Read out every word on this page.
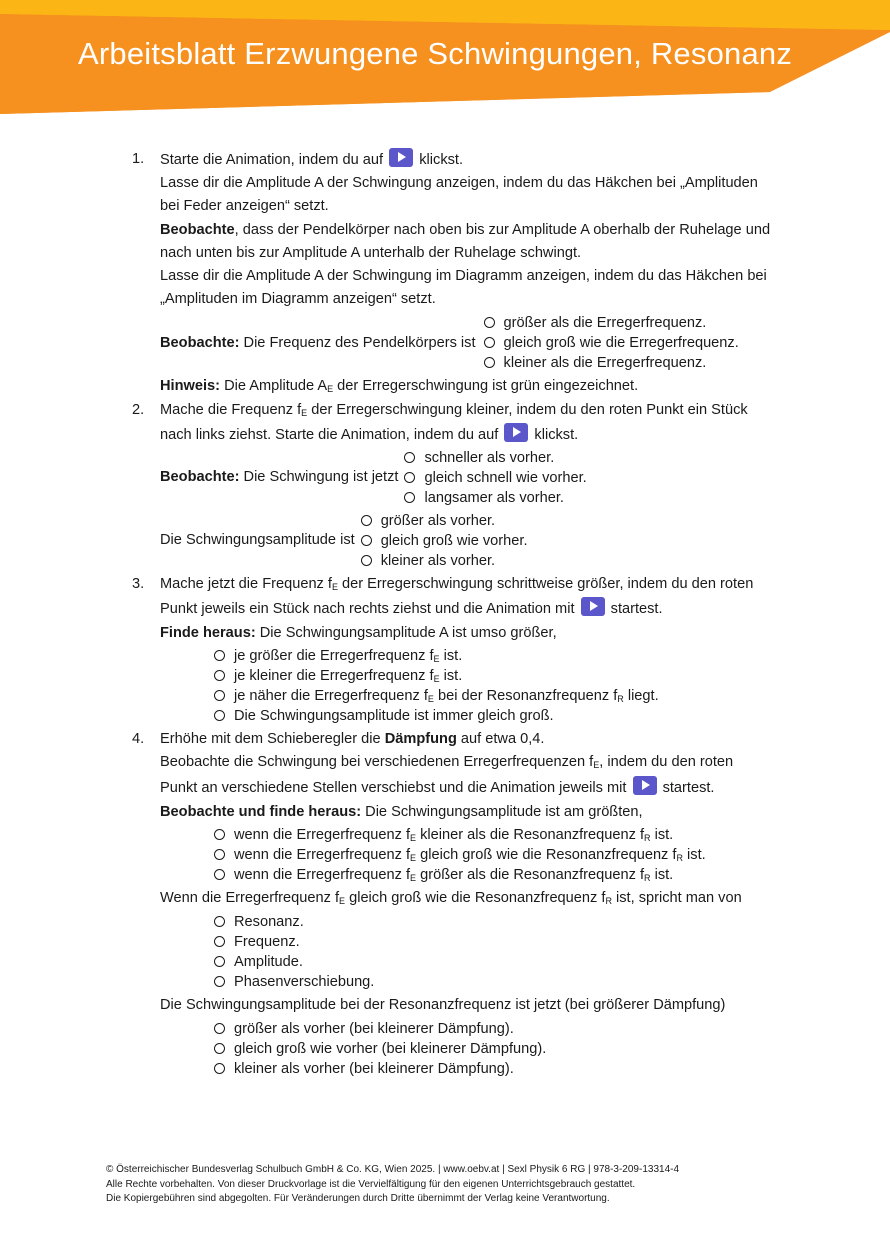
Arbeitsblatt Erzwungene Schwingungen, Resonanz
1. Starte die Animation, indem du auf klickst.
Lasse dir die Amplitude A der Schwingung anzeigen, indem du das Häkchen bei „Amplituden
bei Feder anzeigen“ setzt.
Beobachte, dass der Pendelkörper nach oben bis zur Amplitude A oberhalb der Ruhelage und
nach unten bis zur Amplitude A unterhalb der Ruhelage schwingt.
Lasse dir die Amplitude A der Schwingung im Diagramm anzeigen, indem du das Häkchen bei
„Amplituden im Diagramm anzeigen“ setzt.
Beobachte: Die Frequenz des Pendelkörpers ist
größer als die Erregerfrequenz.
gleich groß wie die Erregerfrequenz.
kleiner als die Erregerfrequenz.
Hinweis: Die Amplitude $A_E$ der Erregerschwingung ist grün eingezeichnet.
2. Mache die Frequenz $f_E$ der Erregerschwingung kleiner, indem du den roten Punkt ein Stück
nach links ziehst. Starte die Animation, indem du auf klickst.
Beobachte: Die Schwingung ist jetzt
schneller als vorher.
gleich schnell wie vorher.
langsamer als vorher.
Die Schwingungsamplitude ist
größer als vorher.
gleich groß wie vorher.
kleiner als vorher.
3. Mache jetzt die Frequenz $f_E$ der Erregerschwingung schrittweise größer, indem du den roten
Punkt jeweils ein Stück nach rechts ziehst und die Animation mit startest.
Finde heraus: Die Schwingungsamplitude A ist umso größer,
je größer die Erregerfrequenz $f_E$ ist.
je kleiner die Erregerfrequenz $f_E$ ist.
je näher die Erregerfrequenz $f_E$ bei der Resonanzfrequenz $f_R$ liegt.
Die Schwingungsamplitude ist immer gleich groß.
4. Erhöhe mit dem Schieberegler die Dämpfung auf etwa 0,4.
Beobachte die Schwingung bei verschiedenen Erregerfrequenzen $f_E$, indem du den roten
Punkt an verschiedene Stellen verschiebst und die Animation jeweils mit startest.
Beobachte und finde heraus: Die Schwingungsamplitude ist am größten,
wenn die Erregerfrequenz $f_E$ kleiner als die Resonanzfrequenz $f_R$ ist.
wenn die Erregerfrequenz $f_E$ gleich groß wie die Resonanzfrequenz $f_R$ ist.
wenn die Erregerfrequenz $f_E$ größer als die Resonanzfrequenz $f_R$ ist.
Wenn die Erregerfrequenz $f_E$ gleich groß wie die Resonanzfrequenz $f_R$ ist, spricht man von
Resonanz.
Frequenz.
Amplitude.
Phasenverschiebung.
Die Schwingungsamplitude bei der Resonanzfrequenz ist jetzt (bei größerer Dämpfung)
größer als vorher (bei kleinerer Dämpfung).
gleich groß wie vorher (bei kleinerer Dämpfung).
kleiner als vorher (bei kleinerer Dämpfung).
© Österreichischer Bundesverlag Schulbuch GmbH & Co. KG, Wien 2025. | www.oebv.at | Sexl Physik 6 RG | 978-3-209-13314-4
Alle Rechte vorbehalten. Von dieser Druckvorlage ist die Vervielfältigung für den eigenen Unterrichtsgebrauch gestattet.
Die Kopiergebühren sind abgegolten. Für Veränderungen durch Dritte übernimmt der Verlag keine Verantwortung.
